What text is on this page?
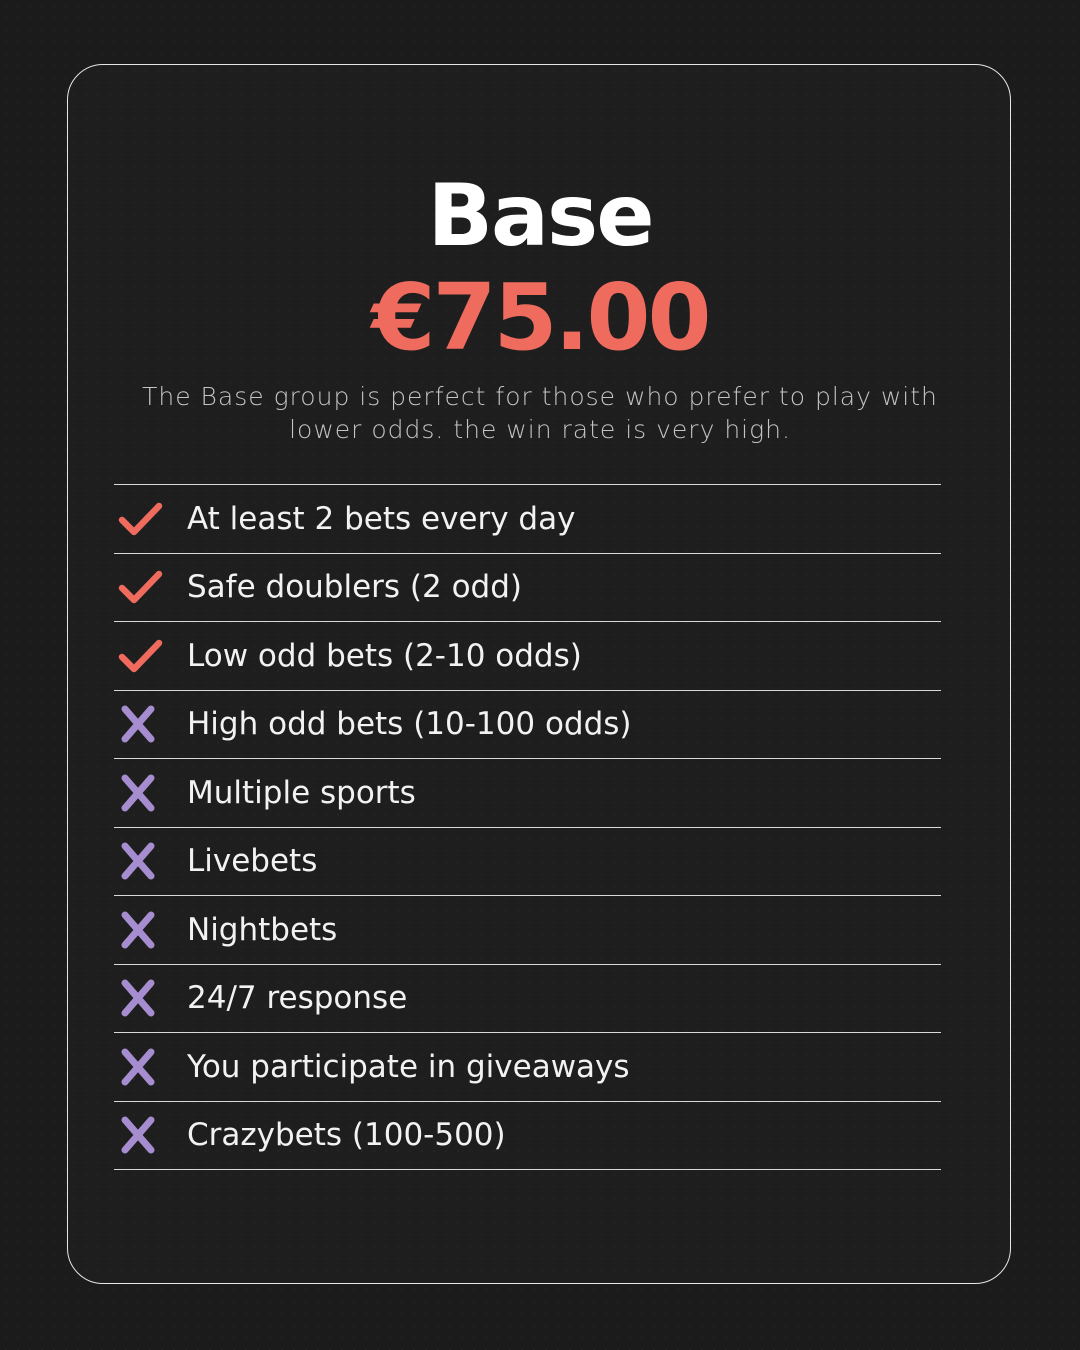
Base
€75.00
The Base group is perfect for those who prefer to play with lower odds. the win rate is very high.
At least 2 bets every day
Safe doublers (2 odd)
Low odd bets (2-10 odds)
High odd bets (10-100 odds)
Multiple sports
Livebets
Nightbets
24/7 response
You participate in giveaways
Crazybets (100-500)
